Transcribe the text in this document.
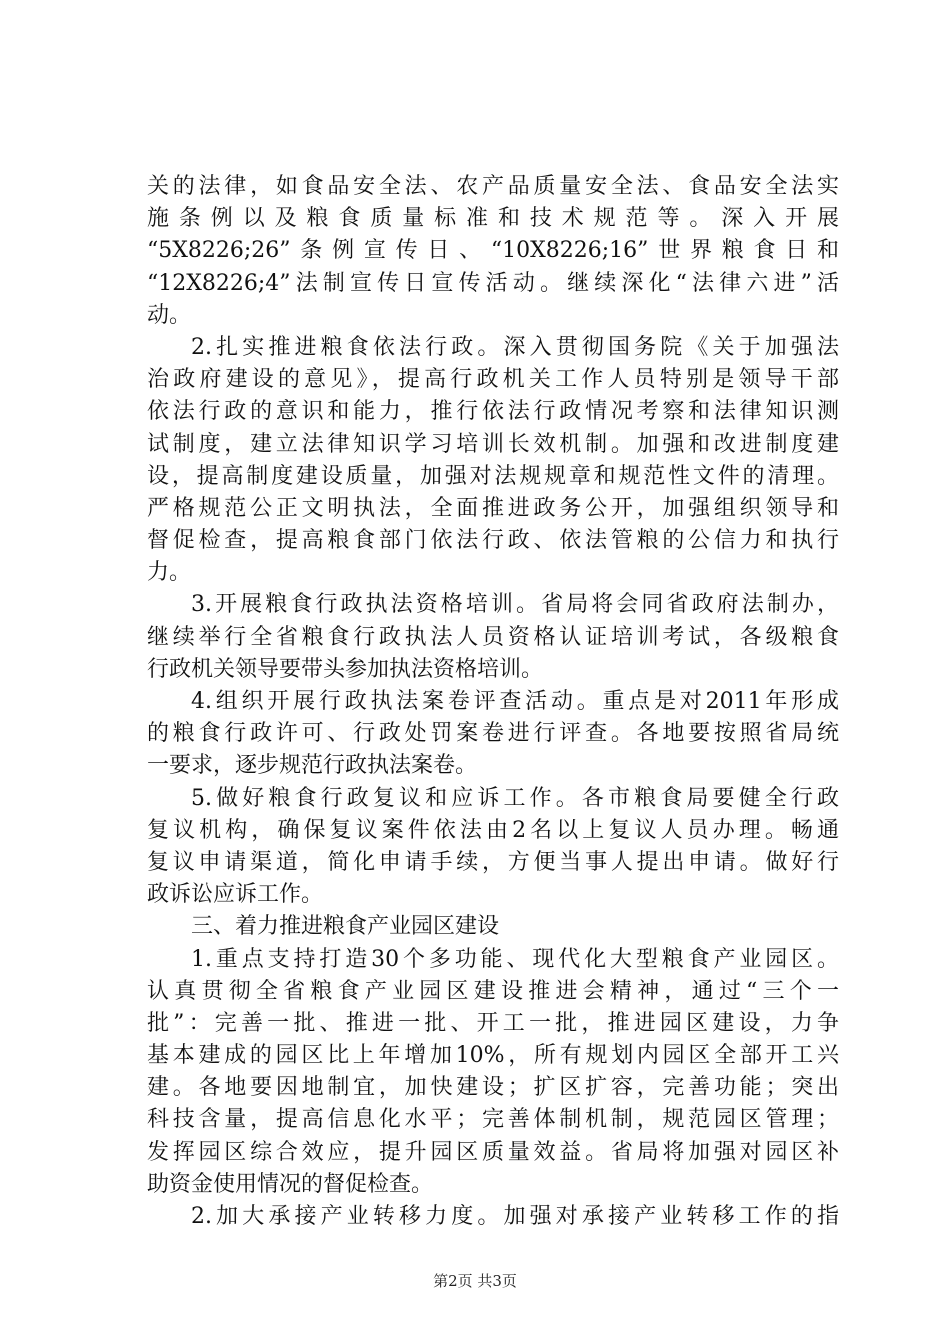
关的法律，如食品安全法、农产品质量安全法、食品安全法实
施条例以及粮食质量标准和技术规范等。深入开展
“5X8226;26”条例宣传日、“10X8226;16”世界粮食日和
“12X8226;4”法制宣传日宣传活动。继续深化“法律六进”活
动。
2.扎实推进粮食依法行政。深入贯彻国务院《关于加强法
治政府建设的意见》，提高行政机关工作人员特别是领导干部
依法行政的意识和能力，推行依法行政情况考察和法律知识测
试制度，建立法律知识学习培训长效机制。加强和改进制度建
设，提高制度建设质量，加强对法规规章和规范性文件的清理。
严格规范公正文明执法，全面推进政务公开，加强组织领导和
督促检查，提高粮食部门依法行政、依法管粮的公信力和执行
力。
3.开展粮食行政执法资格培训。省局将会同省政府法制办，
继续举行全省粮食行政执法人员资格认证培训考试，各级粮食
行政机关领导要带头参加执法资格培训。
4.组织开展行政执法案卷评查活动。重点是对2011年形成
的粮食行政许可、行政处罚案卷进行评查。各地要按照省局统
一要求，逐步规范行政执法案卷。
5.做好粮食行政复议和应诉工作。各市粮食局要健全行政
复议机构，确保复议案件依法由2名以上复议人员办理。畅通
复议申请渠道，简化申请手续，方便当事人提出申请。做好行
政诉讼应诉工作。
三、着力推进粮食产业园区建设
1.重点支持打造30个多功能、现代化大型粮食产业园区。
认真贯彻全省粮食产业园区建设推进会精神，通过“三个一
批”：完善一批、推进一批、开工一批，推进园区建设，力争
基本建成的园区比上年增加10%，所有规划内园区全部开工兴
建。各地要因地制宜，加快建设；扩区扩容，完善功能；突出
科技含量，提高信息化水平；完善体制机制，规范园区管理；
发挥园区综合效应，提升园区质量效益。省局将加强对园区补
助资金使用情况的督促检查。
2.加大承接产业转移力度。加强对承接产业转移工作的指
第2页 共3页
